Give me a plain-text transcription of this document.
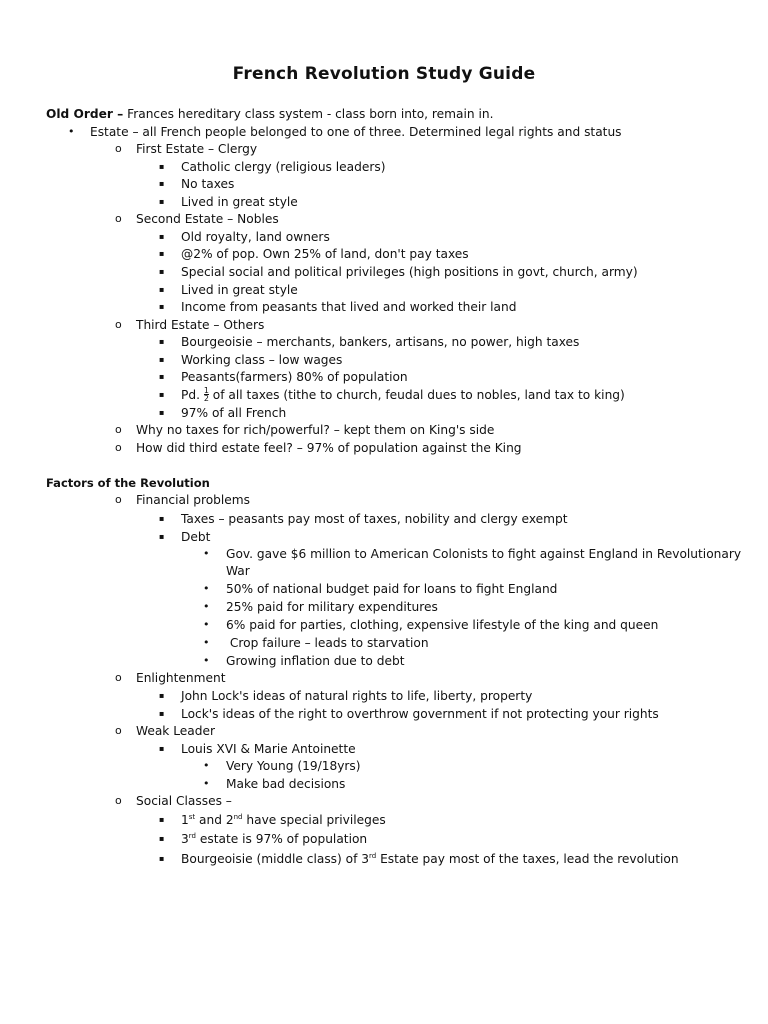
French Revolution Study Guide
Old Order – Frances hereditary class system - class born into, remain in.
• Estate – all French people belonged to one of three. Determined legal rights and status
o First Estate – Clergy
▪ Catholic clergy (religious leaders)
▪ No taxes
▪ Lived in great style
o Second Estate – Nobles
▪ Old royalty, land owners
▪ @2% of pop. Own 25% of land, don't pay taxes
▪ Special social and political privileges (high positions in govt, church, army)
▪ Lived in great style
▪ Income from peasants that lived and worked their land
o Third Estate – Others
▪ Bourgeoisie – merchants, bankers, artisans, no power, high taxes
▪ Working class – low wages
▪ Peasants(farmers) 80% of population
▪ Pd. $\frac{1}{2}$ of all taxes (tithe to church, feudal dues to nobles, land tax to king)
▪ 97% of all French
o Why no taxes for rich/powerful? – kept them on King's side
o How did third estate feel? – 97% of population against the King
Factors of the Revolution
o Financial problems
▪ Taxes – peasants pay most of taxes, nobility and clergy exempt
▪ Debt
• Gov. gave $6 million to American Colonists to fight against England in Revolutionary
War
• 50% of national budget paid for loans to fight England
• 25% paid for military expenditures
• 6% paid for parties, clothing, expensive lifestyle of the king and queen
• Crop failure – leads to starvation
• Growing inflation due to debt
o Enlightenment
▪ John Lock's ideas of natural rights to life, liberty, property
▪ Lock's ideas of the right to overthrow government if not protecting your rights
o Weak Leader
▪ Louis XVI & Marie Antoinette
• Very Young (19/18yrs)
• Make bad decisions
o Social Classes –
▪ 1st and 2nd have special privileges
▪ 3rd estate is 97% of population
▪ Bourgeoisie (middle class) of 3rd Estate pay most of the taxes, lead the revolution
